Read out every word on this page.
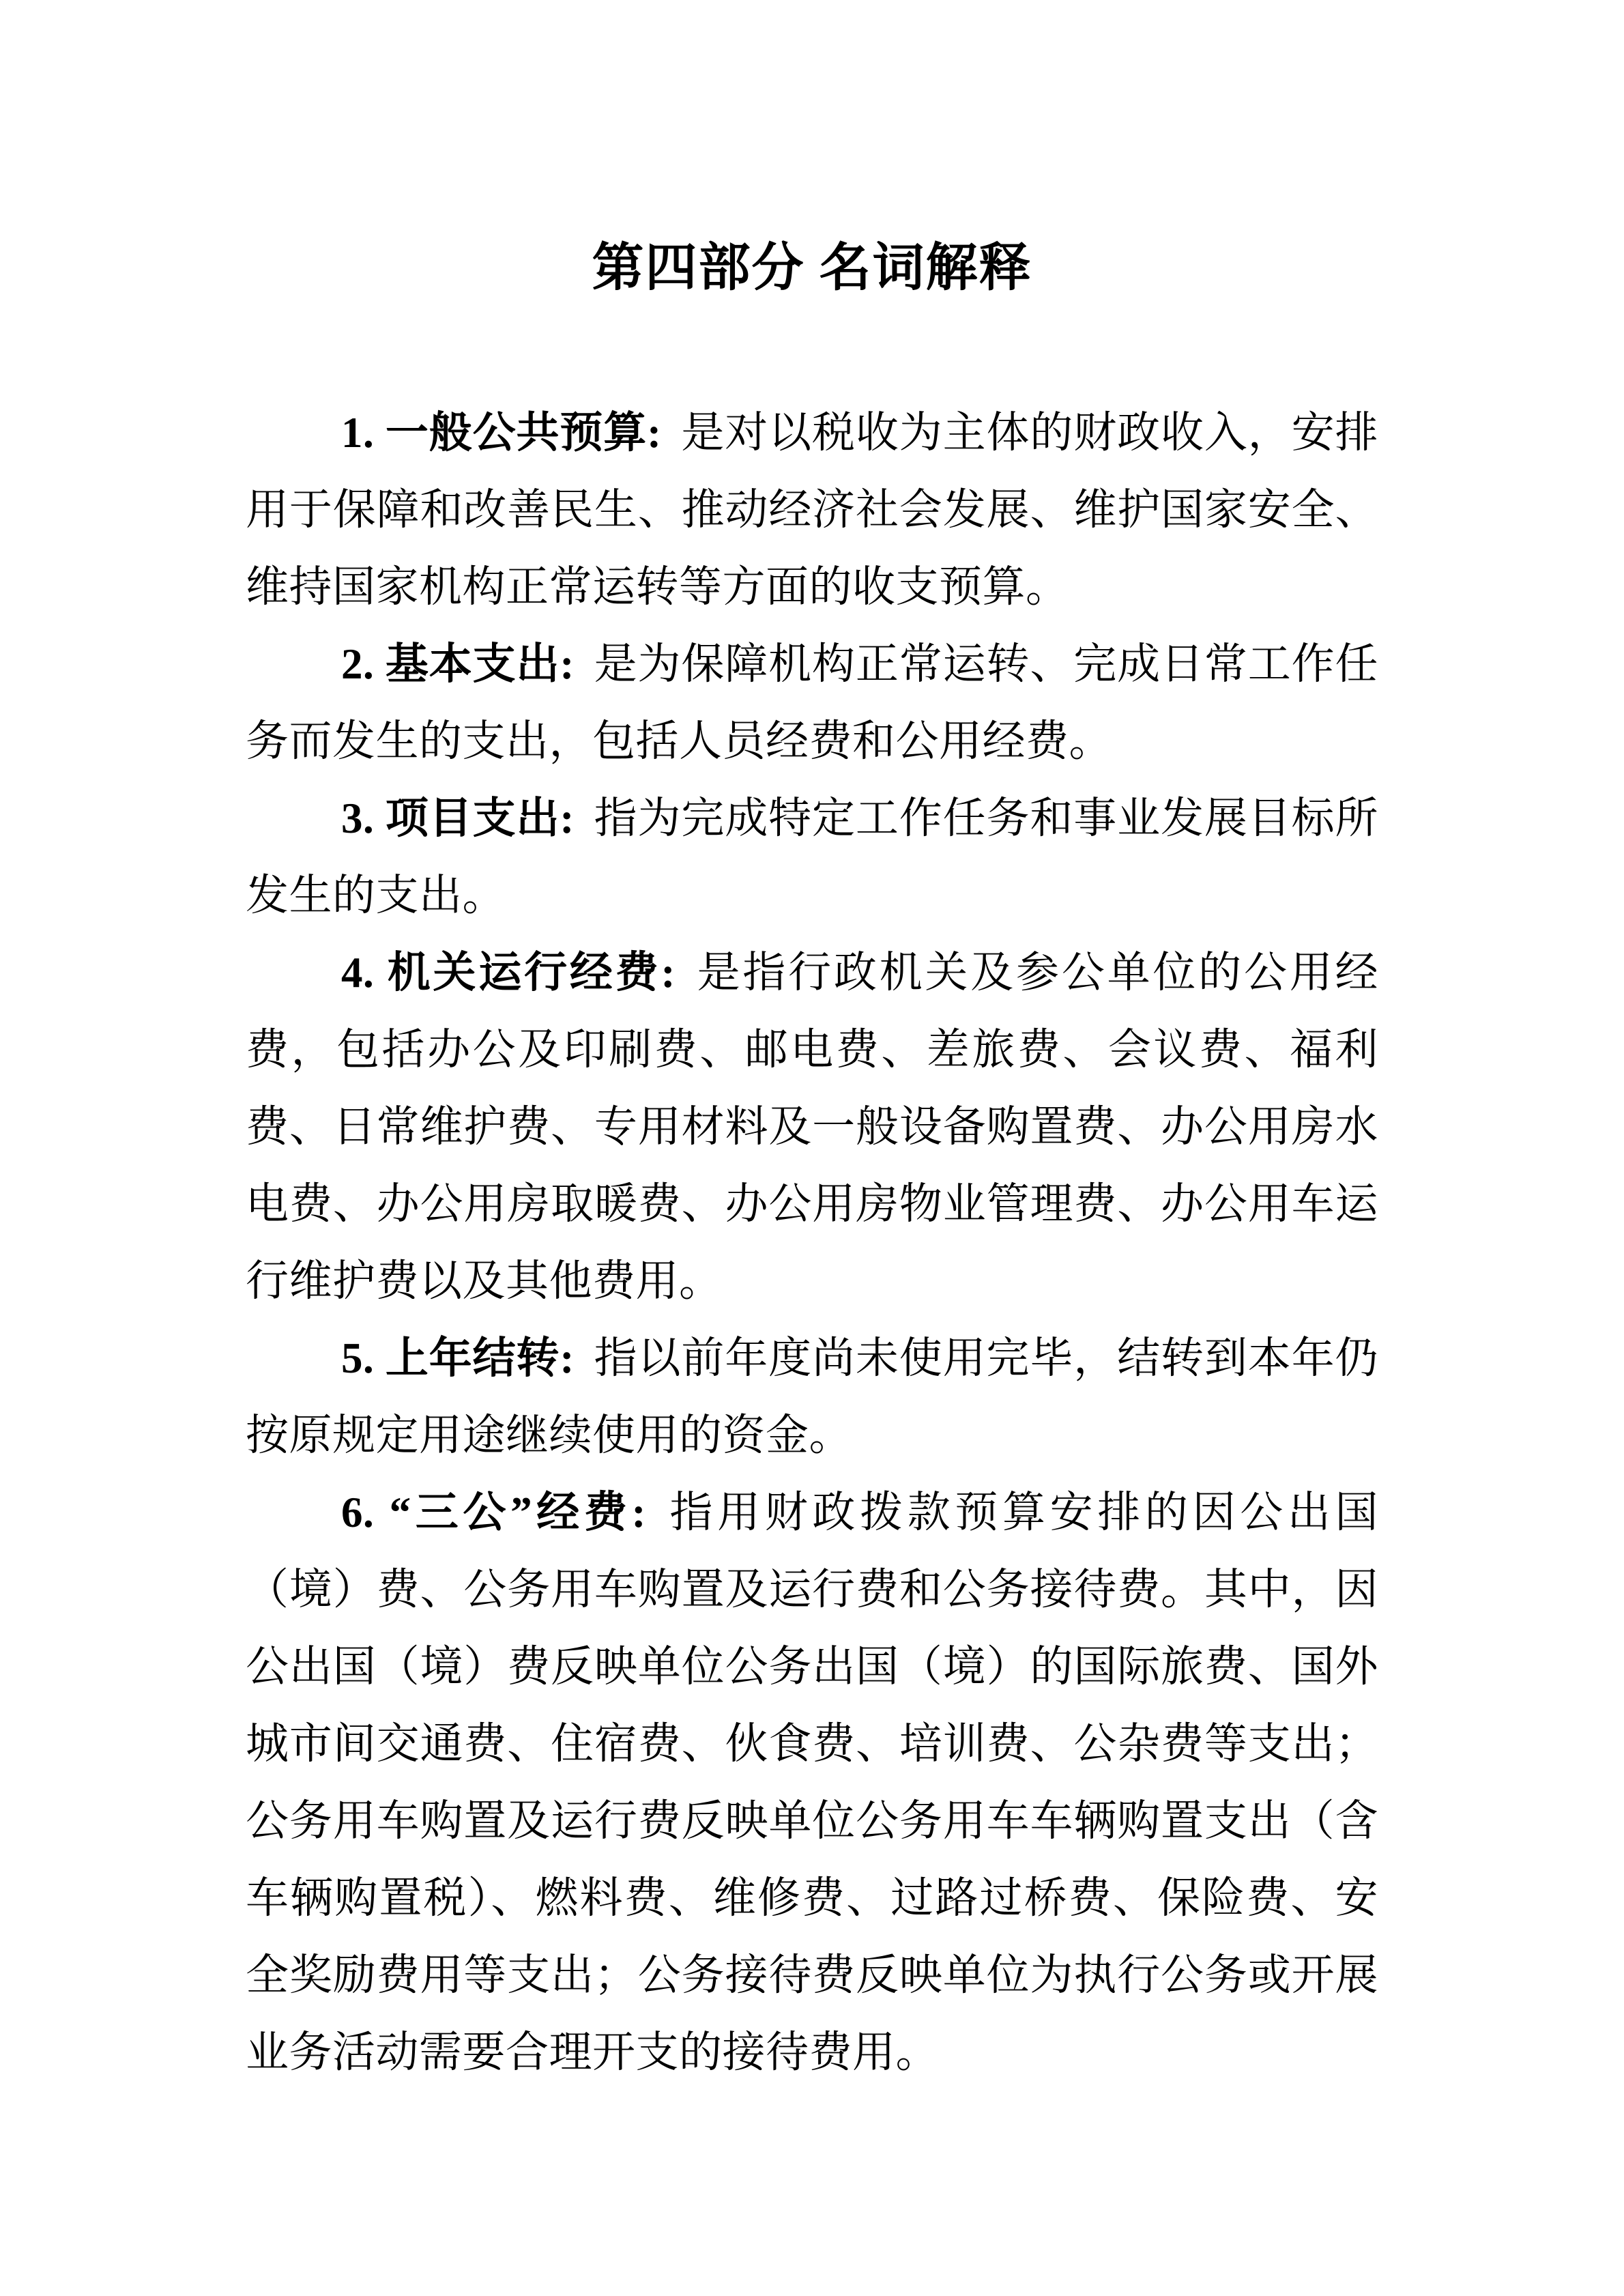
第四部分 名词解释

1. 一般公共预算: 是对以税收为主体的财政收入，安排用于保障和改善民生、推动经济社会发展、维护国家安全、维持国家机构正常运转等方面的收支预算。

2. 基本支出: 是为保障机构正常运转、完成日常工作任务而发生的支出，包括人员经费和公用经费。

3. 项目支出: 指为完成特定工作任务和事业发展目标所发生的支出。

4. 机关运行经费: 是指行政机关及参公单位的公用经费，包括办公及印刷费、邮电费、差旅费、会议费、福利费、日常维护费、专用材料及一般设备购置费、办公用房水电费、办公用房取暖费、办公用房物业管理费、办公用车运行维护费以及其他费用。

5. 上年结转: 指以前年度尚未使用完毕，结转到本年仍按原规定用途继续使用的资金。

6. “三公”经费: 指用财政拨款预算安排的因公出国（境）费、公务用车购置及运行费和公务接待费。其中，因公出国（境）费反映单位公务出国（境）的国际旅费、国外城市间交通费、住宿费、伙食费、培训费、公杂费等支出；公务用车购置及运行费反映单位公务用车车辆购置支出（含车辆购置税）、燃料费、维修费、过路过桥费、保险费、安全奖励费用等支出；公务接待费反映单位为执行公务或开展业务活动需要合理开支的接待费用。
